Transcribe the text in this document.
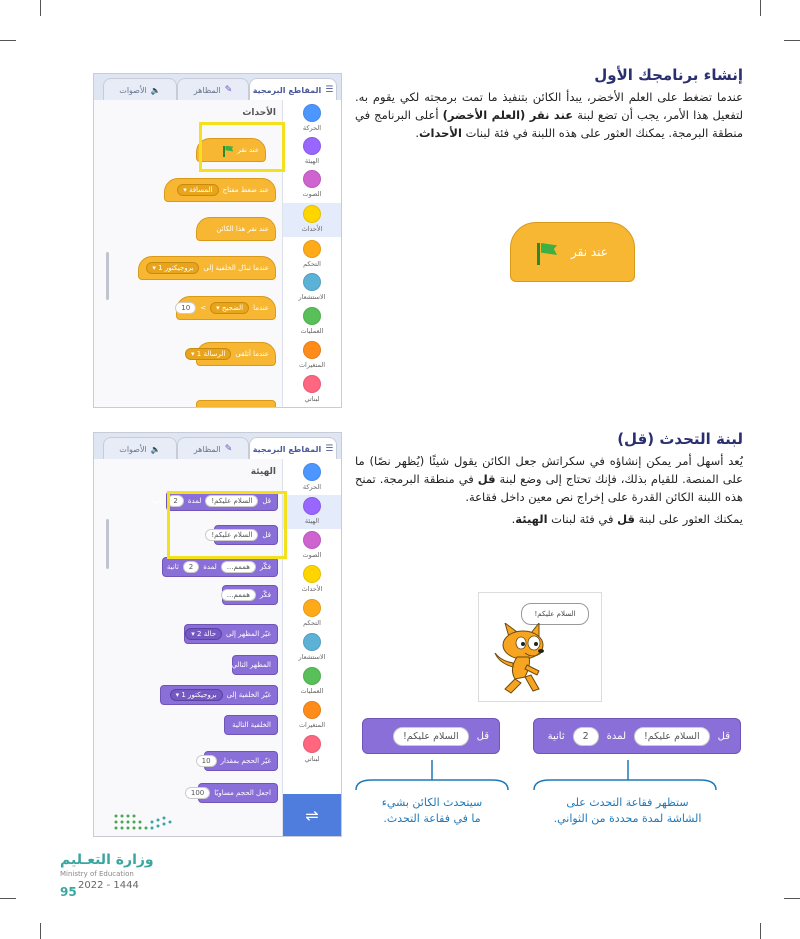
إنشاء برنامجك الأول

عندما تضغط على العلم الأخضر، يبدأ الكائن بتنفيذ ما تمت برمجته لكي يقوم به. لتفعيل هذا الأمر، يجب أن تضع لبنة عند نقر (العلم الأخضر) أعلى البرنامج في منطقة البرمجة. يمكنك العثور على هذه اللبنة في فئة لبنات الأحداث.

عند نقر
☰
المقاطع البرمجية
✎
المظاهر
🔈
الأصوات
الحركة
الهيئة
الصوت
الأحداث
التحكم
الاستشعار
العمليات
المتغيرات
لبناتي
الأحداث
عند نقر
عند ضغط مفتاح
المسافة ▾
عند نقر هذا الكائن
عندما تبدّل الخلفية إلى
بروجيكتور 1 ▾
عندما
الضجيج ▾
>
10
عندما أتلقى
الرسالة 1 ▾
لبنة التحدث (قل)

يُعد أسهل أمر يمكن إنشاؤه في سكراتش جعل الكائن يقول شيئًا (يُظهر نصًا) ما على المنصة. للقيام بذلك، فإنك تحتاج إلى وضع لبنة قل في منطقة البرمجة. تمنح هذه اللبنة الكائن القدرة على إخراج نص معين داخل فقاعة.

يمكنك العثور على لبنة قل في فئة لبنات الهيئة.

السلام عليكم!
قل
السلام عليكم!
لمدة
2
ثانية
قل
السلام عليكم!
سيتحدث الكائن بشيء
ما في فقاعة التحدث.
ستظهر فقاعة التحدث على
الشاشة لمدة محددة من الثواني.
☰
المقاطع البرمجية
✎
المظاهر
🔈
الأصوات
الحركة
الهيئة
الصوت
الأحداث
التحكم
الاستشعار
العمليات
المتغيرات
لبناتي
⇌
الهيئة
قل
السلام عليكم!
لمدة
2
ثانية
قل
السلام عليكم!
فكّر
هممم...
لمدة
2
ثانية
فكّر
هممم...
غيّر المظهر إلى
حالة 2 ▾
المظهر التالي
غيّر الخلفية إلى
بروجيكتور 1 ▾
الخلفية التالية
غيّر الحجم بمقدار
10
اجعل الحجم مساويًا
100
وزارة التعـليم
Ministry of Education
95 2022 - 1444
